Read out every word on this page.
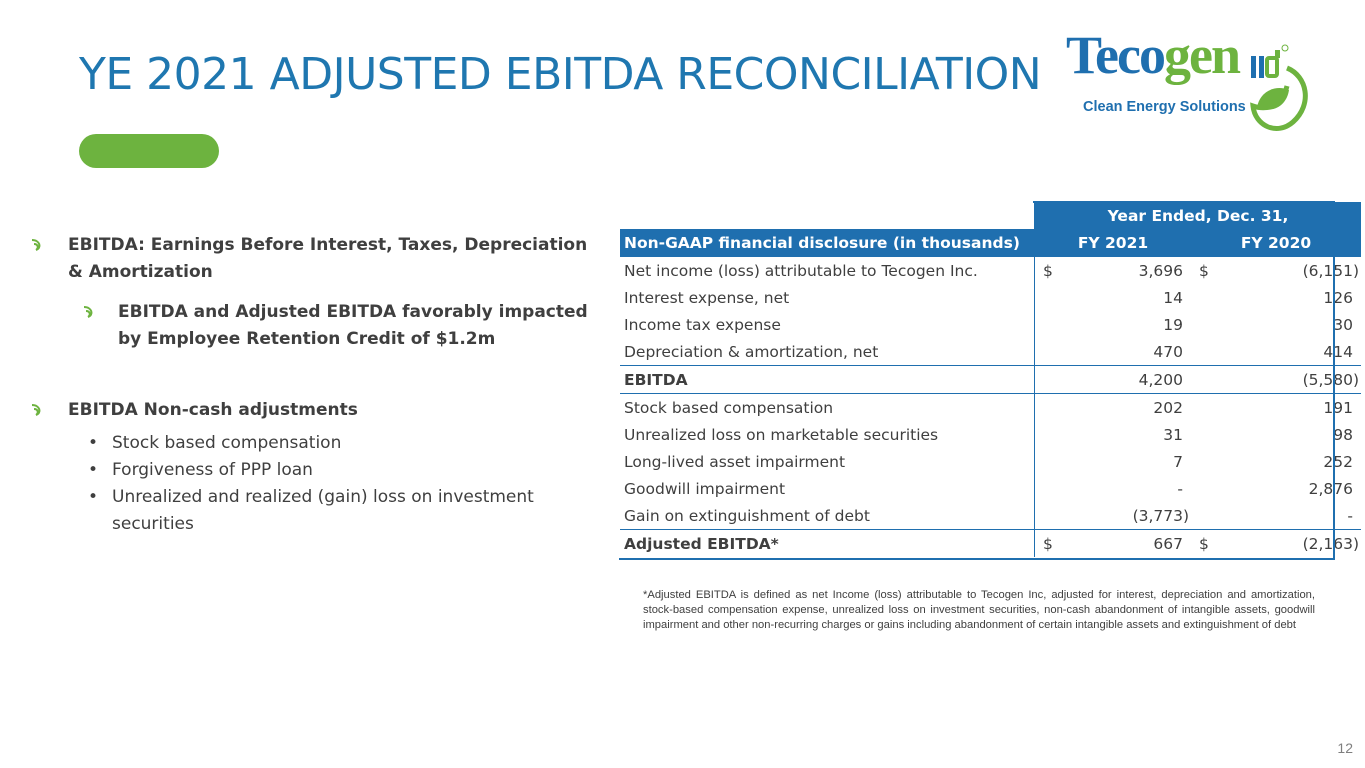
YE 2021 ADJUSTED EBITDA RECONCILIATION Tecogen
Clean Energy Solutions
EBITDA: Earnings Before Interest, Taxes, Depreciation & Amortization
EBITDA and Adjusted EBITDA favorably impacted by Employee Retention Credit of $1.2m
EBITDA Non-cash adjustments
• Stock based compensation
• Forgiveness of PPP loan
• Unrealized and realized (gain) loss on investment securities
	Year Ended, Dec. 31,					
Non-GAAP financial disclosure (in thousands)	FY 2021			FY 2020		
Net income (loss) attributable to Tecogen Inc.	$	3,696		$	(6,151	)
Interest expense, net		14			126	
Income tax expense		19			30	
Depreciation & amortization, net		470			414	
EBITDA		4,200			(5,580	)
Stock based compensation		202			191	
Unrealized loss on marketable securities		31			98	
Long-lived asset impairment		7			252	
Goodwill impairment		-			2,876	
Gain on extinguishment of debt		(3,773	)		-	
Adjusted EBITDA*	$	667		$	(2,163	)
*Adjusted EBITDA is defined as net Income (loss) attributable to Tecogen Inc, adjusted for interest, depreciation and amortization, stock-based compensation expense, unrealized loss on investment securities, non-cash abandonment of intangible assets, goodwill impairment and other non-recurring charges or gains including abandonment of certain intangible assets and extinguishment of debt
12
